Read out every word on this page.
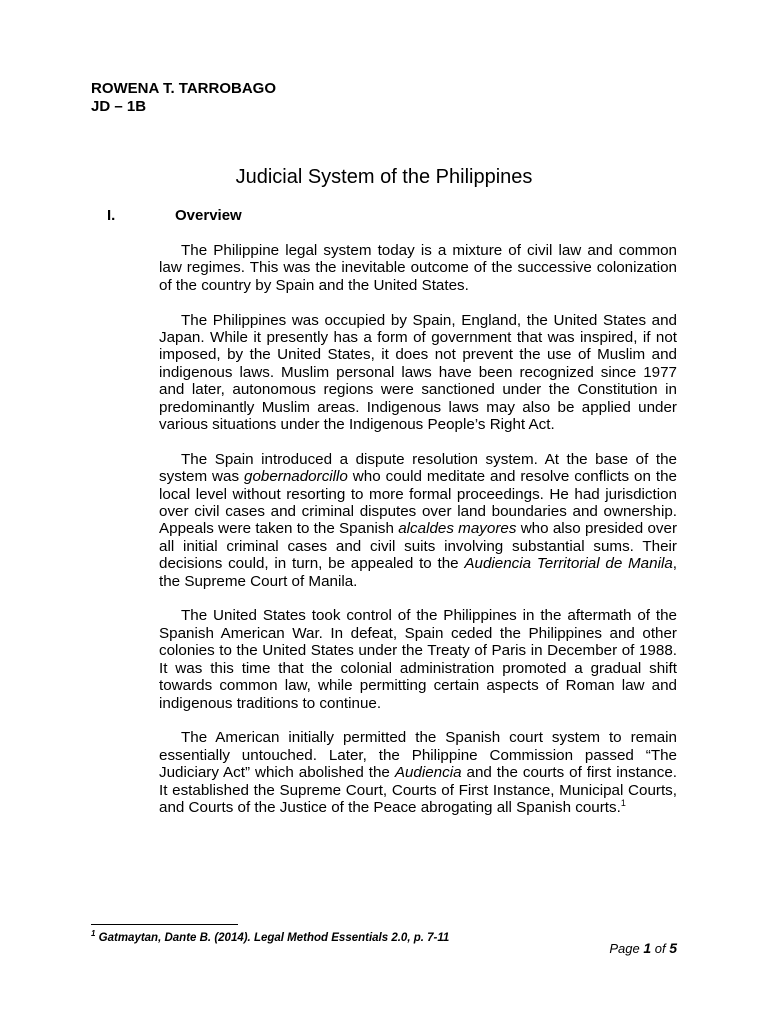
ROWENA T. TARROBAGO
JD – 1B
Judicial System of the Philippines
I.	Overview

The Philippine legal system today is a mixture of civil law and common law regimes. This was the inevitable outcome of the successive colonization of the country by Spain and the United States.

The Philippines was occupied by Spain, England, the United States and Japan. While it presently has a form of government that was inspired, if not imposed, by the United States, it does not prevent the use of Muslim and indigenous laws. Muslim personal laws have been recognized since 1977 and later, autonomous regions were sanctioned under the Constitution in predominantly Muslim areas. Indigenous laws may also be applied under various situations under the Indigenous People’s Right Act.

The Spain introduced a dispute resolution system. At the base of the system was gobernadorcillo who could meditate and resolve conflicts on the local level without resorting to more formal proceedings. He had jurisdiction over civil cases and criminal disputes over land boundaries and ownership. Appeals were taken to the Spanish alcaldes mayores who also presided over all initial criminal cases and civil suits involving substantial sums. Their decisions could, in turn, be appealed to the Audiencia Territorial de Manila, the Supreme Court of Manila.

The United States took control of the Philippines in the aftermath of the Spanish American War. In defeat, Spain ceded the Philippines and other colonies to the United States under the Treaty of Paris in December of 1988. It was this time that the colonial administration promoted a gradual shift towards common law, while permitting certain aspects of Roman law and indigenous traditions to continue.

The American initially permitted the Spanish court system to remain essentially untouched. Later, the Philippine Commission passed “The Judiciary Act” which abolished the Audiencia and the courts of first instance. It established the Supreme Court, Courts of First Instance, Municipal Courts, and Courts of the Justice of the Peace abrogating all Spanish courts.$^1$

$^1$ Gatmaytan, Dante B. (2014). Legal Method Essentials 2.0, p. 7-11
Page 1 of 5
